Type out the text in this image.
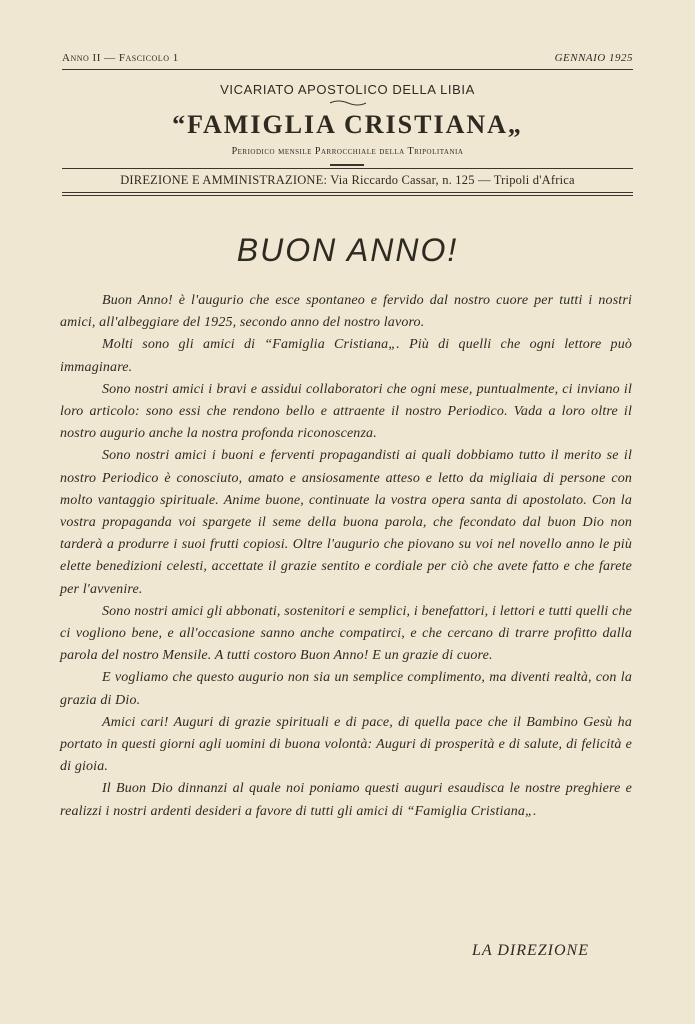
Anno II — Fascicolo 1	GENNAIO 1925
VICARIATO APOSTOLICO DELLA LIBIA
“FAMIGLIA CRISTIANA„
Periodico mensile Parrocchiale della Tripolitania
DIREZIONE E AMMINISTRAZIONE: Via Riccardo Cassar, n. 125 — Tripoli d'Africa
BUON ANNO!

Buon Anno! è l'augurio che esce spontaneo e fervido dal nostro cuore per tutti i nostri amici, all'albeggiare del 1925, secondo anno del nostro lavoro.

Molti sono gli amici di “Famiglia Cristiana„. Più di quelli che ogni lettore può immaginare.

Sono nostri amici i bravi e assidui collaboratori che ogni mese, puntualmente, ci inviano il loro articolo: sono essi che rendono bello e attraente il nostro Periodico. Vada a loro oltre il nostro augurio anche la nostra profonda riconoscenza.

Sono nostri amici i buoni e ferventi propagandisti ai quali dobbiamo tutto il merito se il nostro Periodico è conosciuto, amato e ansiosamente atteso e letto da migliaia di persone con molto vantaggio spirituale. Anime buone, continuate la vostra opera santa di apostolato. Con la vostra propaganda voi spargete il seme della buona parola, che fecondato dal buon Dio non tarderà a produrre i suoi frutti copiosi. Oltre l'augurio che piovano su voi nel novello anno le più elette benedizioni celesti, accettate il grazie sentito e cordiale per ciò che avete fatto e che farete per l'avvenire.

Sono nostri amici gli abbonati, sostenitori e semplici, i benefattori, i lettori e tutti quelli che ci vogliono bene, e all'occasione sanno anche compatirci, e che cercano di trarre profitto dalla parola del nostro Mensile. A tutti costoro Buon Anno! E un grazie di cuore.

E vogliamo che questo augurio non sia un semplice complimento, ma diventi realtà, con la grazia di Dio.

Amici cari! Auguri di grazie spirituali e di pace, di quella pace che il Bambino Gesù ha portato in questi giorni agli uomini di buona volontà: Auguri di prosperità e di salute, di felicità e di gioia.

Il Buon Dio dinnanzi al quale noi poniamo questi auguri esaudisca le nostre preghiere e realizzi i nostri ardenti desideri a favore di tutti gli amici di “Famiglia Cristiana„.

LA DIREZIONE
